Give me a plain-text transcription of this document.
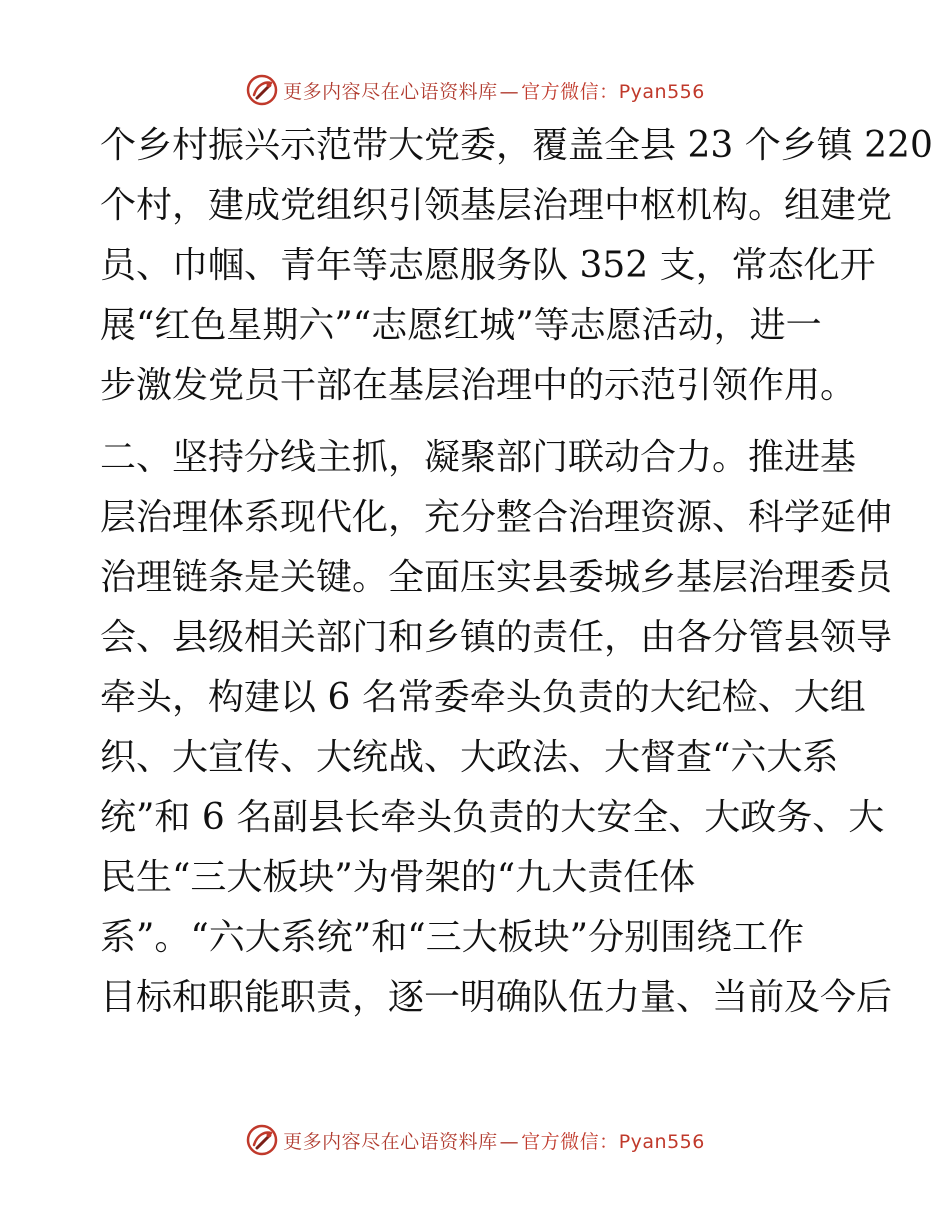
更多内容尽在心语资料库 — 官方微信：Pyan556
个乡村振兴示范带大党委，覆盖全县 23 个乡镇 220
个村，建成党组织引领基层治理中枢机构。组建党
员、巾帼、青年等志愿服务队 352 支，常态化开
展“红色星期六”“志愿红城”等志愿活动，进一
步激发党员干部在基层治理中的示范引领作用。
二、坚持分线主抓，凝聚部门联动合力。推进基
层治理体系现代化，充分整合治理资源、科学延伸
治理链条是关键。全面压实县委城乡基层治理委员
会、县级相关部门和乡镇的责任，由各分管县领导
牵头，构建以 6 名常委牵头负责的大纪检、大组
织、大宣传、大统战、大政法、大督查“六大系
统”和 6 名副县长牵头负责的大安全、大政务、大
民生“三大板块”为骨架的“九大责任体
系”。“六大系统”和“三大板块”分别围绕工作
目标和职能职责，逐一明确队伍力量、当前及今后
更多内容尽在心语资料库 — 官方微信：Pyan556
